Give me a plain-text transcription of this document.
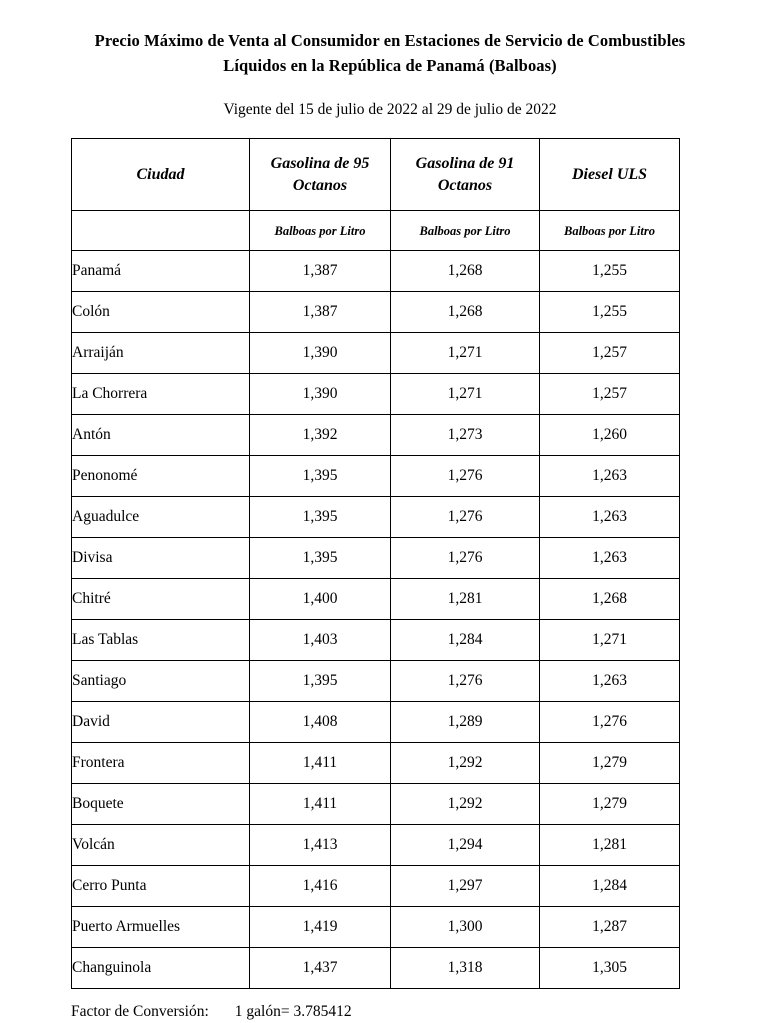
Precio Máximo de Venta al Consumidor en Estaciones de Servicio de Combustibles
Líquidos en la República de Panamá (Balboas)
Vigente del 15 de julio de 2022 al 29 de julio de 2022
Ciudad	Gasolina de 95 Octanos	Gasolina de 91 Octanos	Diesel ULS
	Balboas por Litro	Balboas por Litro	Balboas por Litro
Panamá	1,387	1,268	1,255
Colón	1,387	1,268	1,255
Arraiján	1,390	1,271	1,257
La Chorrera	1,390	1,271	1,257
Antón	1,392	1,273	1,260
Penonomé	1,395	1,276	1,263
Aguadulce	1,395	1,276	1,263
Divisa	1,395	1,276	1,263
Chitré	1,400	1,281	1,268
Las Tablas	1,403	1,284	1,271
Santiago	1,395	1,276	1,263
David	1,408	1,289	1,276
Frontera	1,411	1,292	1,279
Boquete	1,411	1,292	1,279
Volcán	1,413	1,294	1,281
Cerro Punta	1,416	1,297	1,284
Puerto Armuelles	1,419	1,300	1,287
Changuinola	1,437	1,318	1,305
Factor de Conversión: 1 galón= 3.785412
